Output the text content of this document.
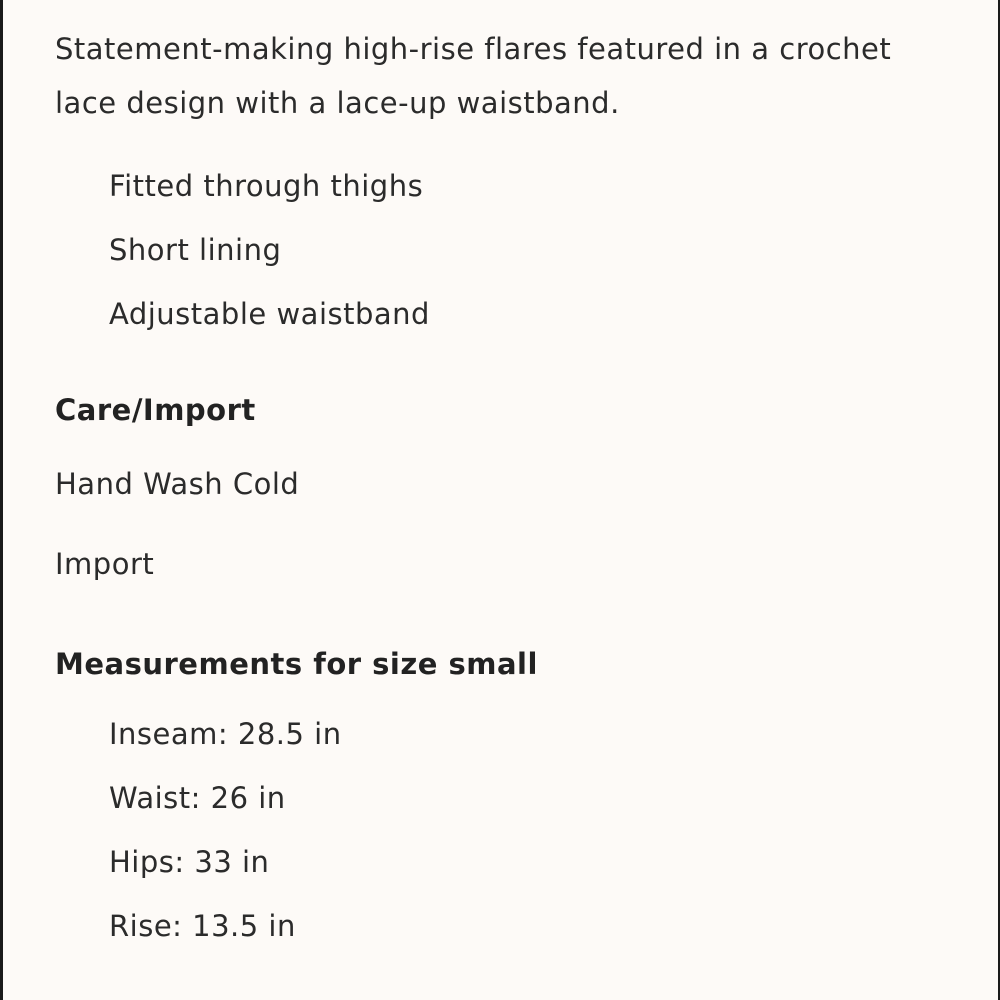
Statement-making high-rise flares featured in a crochet lace design with a lace-up waistband.

Fitted through thighs
Short lining
Adjustable waistband
Care/Import

Hand Wash Cold

Import

Measurements for size small
Inseam: 28.5 in
Waist: 26 in
Hips: 33 in
Rise: 13.5 in
